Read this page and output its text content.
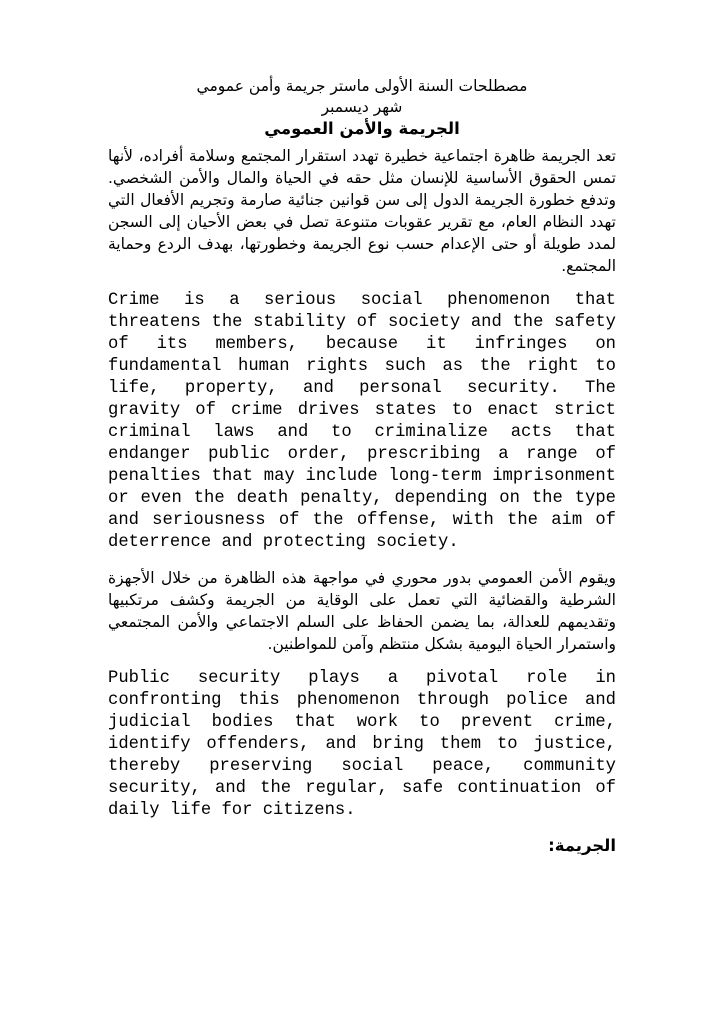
مصطلحات السنة الأولى ماستر جريمة وأمن عمومي
شهر ديسمبر
الجريمة والأمن العمومي

تعد الجريمة ظاهرة اجتماعية خطيرة تهدد استقرار المجتمع وسلامة أفراده، لأنها تمس الحقوق الأساسية للإنسان مثل حقه في الحياة والمال والأمن الشخصي. وتدفع خطورة الجريمة الدول إلى سن قوانين جنائية صارمة وتجريم الأفعال التي تهدد النظام العام، مع تقرير عقوبات متنوعة تصل في بعض الأحيان إلى السجن لمدد طويلة أو حتى الإعدام حسب نوع الجريمة وخطورتها، بهدف الردع وحماية المجتمع.

Crime is a serious social phenomenon that threatens the stability of society and the safety of its members, because it infringes on fundamental human rights such as the right to life, property, and personal security. The gravity of crime drives states to enact strict criminal laws and to criminalize acts that endanger public order, prescribing a range of penalties that may include long-term imprisonment or even the death penalty, depending on the type and seriousness of the offense, with the aim of deterrence and protecting society.

ويقوم الأمن العمومي بدور محوري في مواجهة هذه الظاهرة من خلال الأجهزة الشرطية والقضائية التي تعمل على الوقاية من الجريمة وكشف مرتكبيها وتقديمهم للعدالة، بما يضمن الحفاظ على السلم الاجتماعي والأمن المجتمعي واستمرار الحياة اليومية بشكل منتظم وآمن للمواطنين.

Public security plays a pivotal role in confronting this phenomenon through police and judicial bodies that work to prevent crime, identify offenders, and bring them to justice, thereby preserving social peace, community security, and the regular, safe continuation of daily life for citizens.

الجريمة:
